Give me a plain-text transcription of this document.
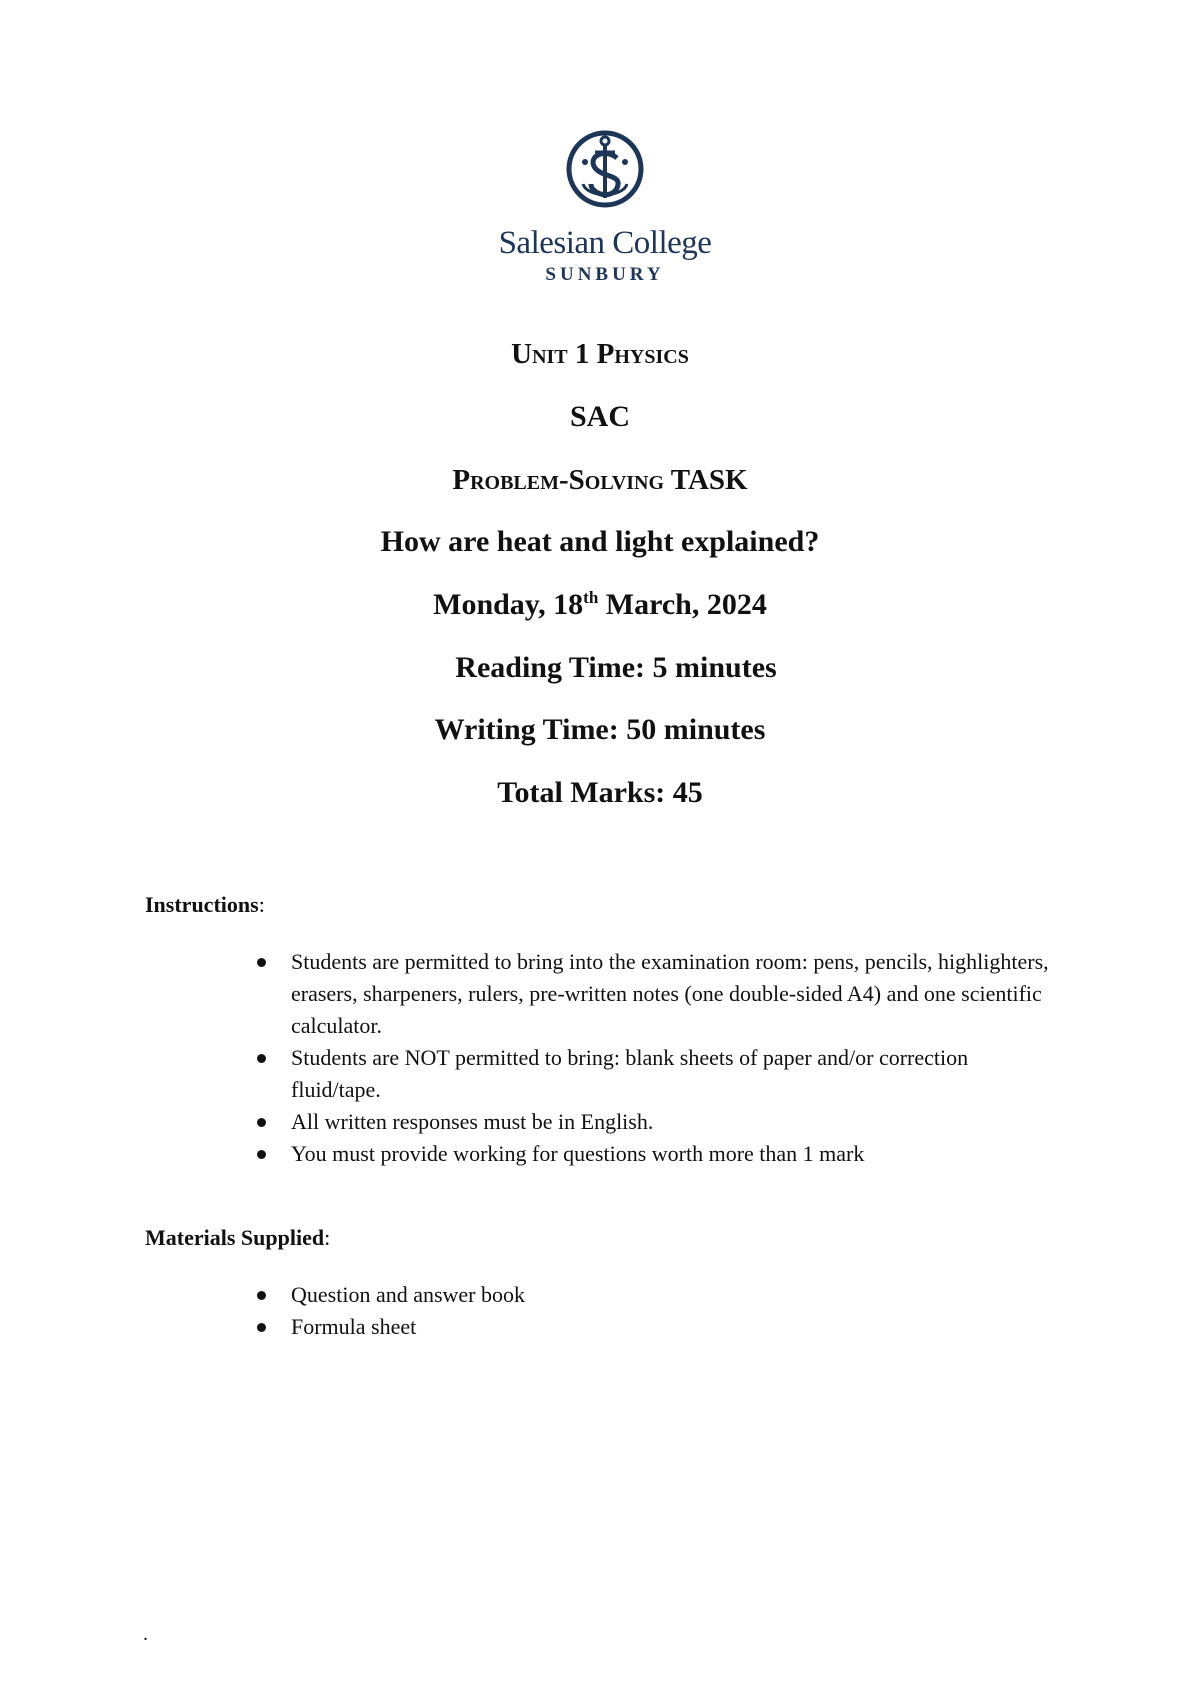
Salesian College
SUNBURY

Unit 1 Physics

SAC

Problem-Solving TASK

How are heat and light explained?

Monday, 18th March, 2024

Reading Time: 5 minutes

Writing Time: 50 minutes

Total Marks: 45

Instructions:

Students are permitted to bring into the examination room: pens, pencils, highlighters, erasers, sharpeners, rulers, pre-written notes (one double-sided A4) and one scientific calculator.
Students are NOT permitted to bring: blank sheets of paper and/or correction fluid/tape.
All written responses must be in English.
You must provide working for questions worth more than 1 mark

Materials Supplied:

Question and answer book
Formula sheet
.
